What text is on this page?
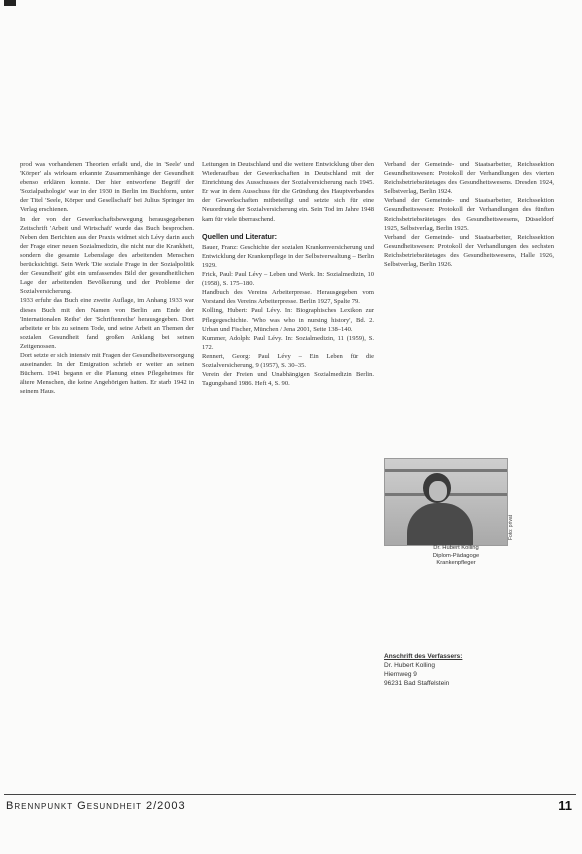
prod was vorhandenen Theorien erfaßt und, die in 'Seele' und 'Körper' als wirksam erkannte Zusammenhänge der Gesundheit ebenso erklären konnte. Der hier entworfene Begriff der 'Sozialpathologie' war in der 1930 in Berlin im Buchform, unter der Titel 'Seele, Körper und Gesellschaft' bei Julius Springer im Verlag erschienen.

In der von der Gewerkschaftsbewegung herausgegebenen Zeitschrift 'Arbeit und Wirtschaft' wurde das Buch besprochen. Neben den Berichten aus der Praxis widmet sich Lévy darin auch der Frage einer neuen Sozialmedizin, die nicht nur die Krankheit, sondern die gesamte Lebenslage des arbeitenden Menschen berücksichtigt. Sein Werk 'Die soziale Frage in der Sozialpolitik der Gesundheit' gibt ein umfassendes Bild der gesundheitlichen Lage der arbeitenden Bevölkerung und der Probleme der Sozialversicherung.

1933 erfuhr das Buch eine zweite Auflage, im Anhang 1933 war dieses Buch mit den Namen von Berlin am Ende der 'Internationalen Reihe' der 'Schriftenreihe' herausgegeben. Dort arbeitete er bis zu seinem Tode, und seine Arbeit an Themen der sozialen Gesundheit fand großen Anklang bei seinen Zeitgenossen.

Dort setzte er sich intensiv mit Fragen der Gesundheitsversorgung auseinander. In der Emigration schrieb er weiter an seinen Büchern. 1941 begann er die Planung eines Pflegeheimes für ältere Menschen, die keine Angehörigen hatten. Er starb 1942 in seinem Haus.

Leitungen in Deutschland und die weitere Entwicklung über den Wiederaufbau der Gewerkschaften in Deutschland mit der Einrichtung des Ausschusses der Sozialversicherung nach 1945. Er war in dem Ausschuss für die Gründung des Hauptverbandes der Gewerkschaften mitbeteiligt und setzte sich für eine Neuordnung der Sozialversicherung ein. Sein Tod im Jahre 1948 kam für viele überraschend.

Quellen und Literatur:

Bauer, Franz: Geschichte der sozialen Krankenversicherung und Entwicklung der Krankenpflege in der Selbstverwaltung – Berlin 1929.

Frick, Paul: Paul Lévy – Leben und Werk. In: Sozialmedizin, 10 (1958), S. 175–180.

Handbuch des Vereins Arbeiterpresse. Herausgegeben vom Vorstand des Vereins Arbeiterpresse. Berlin 1927, Spalte 79.

Kolling, Hubert: Paul Lévy. In: Biographisches Lexikon zur Pflegegeschichte. 'Who was who in nursing history', Bd. 2. Urban und Fischer, München / Jena 2001, Seite 138–140.

Kummer, Adolph: Paul Lévy. In: Sozialmedizin, 11 (1959), S. 172.

Rennert, Georg: Paul Lévy – Ein Leben für die Sozialversicherung, 9 (1957), S. 30–35.

Verein der Freien und Unabhängigen Sozialmedizin Berlin. Tagungsband 1986. Heft 4, S. 90.

Verband der Gemeinde- und Staatsarbeiter, Reichssektion Gesundheitswesen: Protokoll der Verhandlungen des vierten Reichsbetriebsrätetages des Gesundheitswesens. Dresden 1924, Selbstverlag, Berlin 1924.

Verband der Gemeinde- und Staatsarbeiter, Reichssektion Gesundheitswesen: Protokoll der Verhandlungen des fünften Reichsbetriebsrätetages des Gesundheitswesens, Düsseldorf 1925, Selbstverlag, Berlin 1925.

Verband der Gemeinde- und Staatsarbeiter, Reichssektion Gesundheitswesen: Protokoll der Verhandlungen des sechsten Reichsbetriebsrätetages des Gesundheitswesens, Halle 1926, Selbstverlag, Berlin 1926.

Foto: privat
Dr. Hubert Kolling
Diplom-Pädagoge
Krankenpfleger
Anschrift des Verfassers:
Dr. Hubert Kolling
Hiernweg 9
96231 Bad Staffelstein
Brennpunkt Gesundheit 2/2003	11
